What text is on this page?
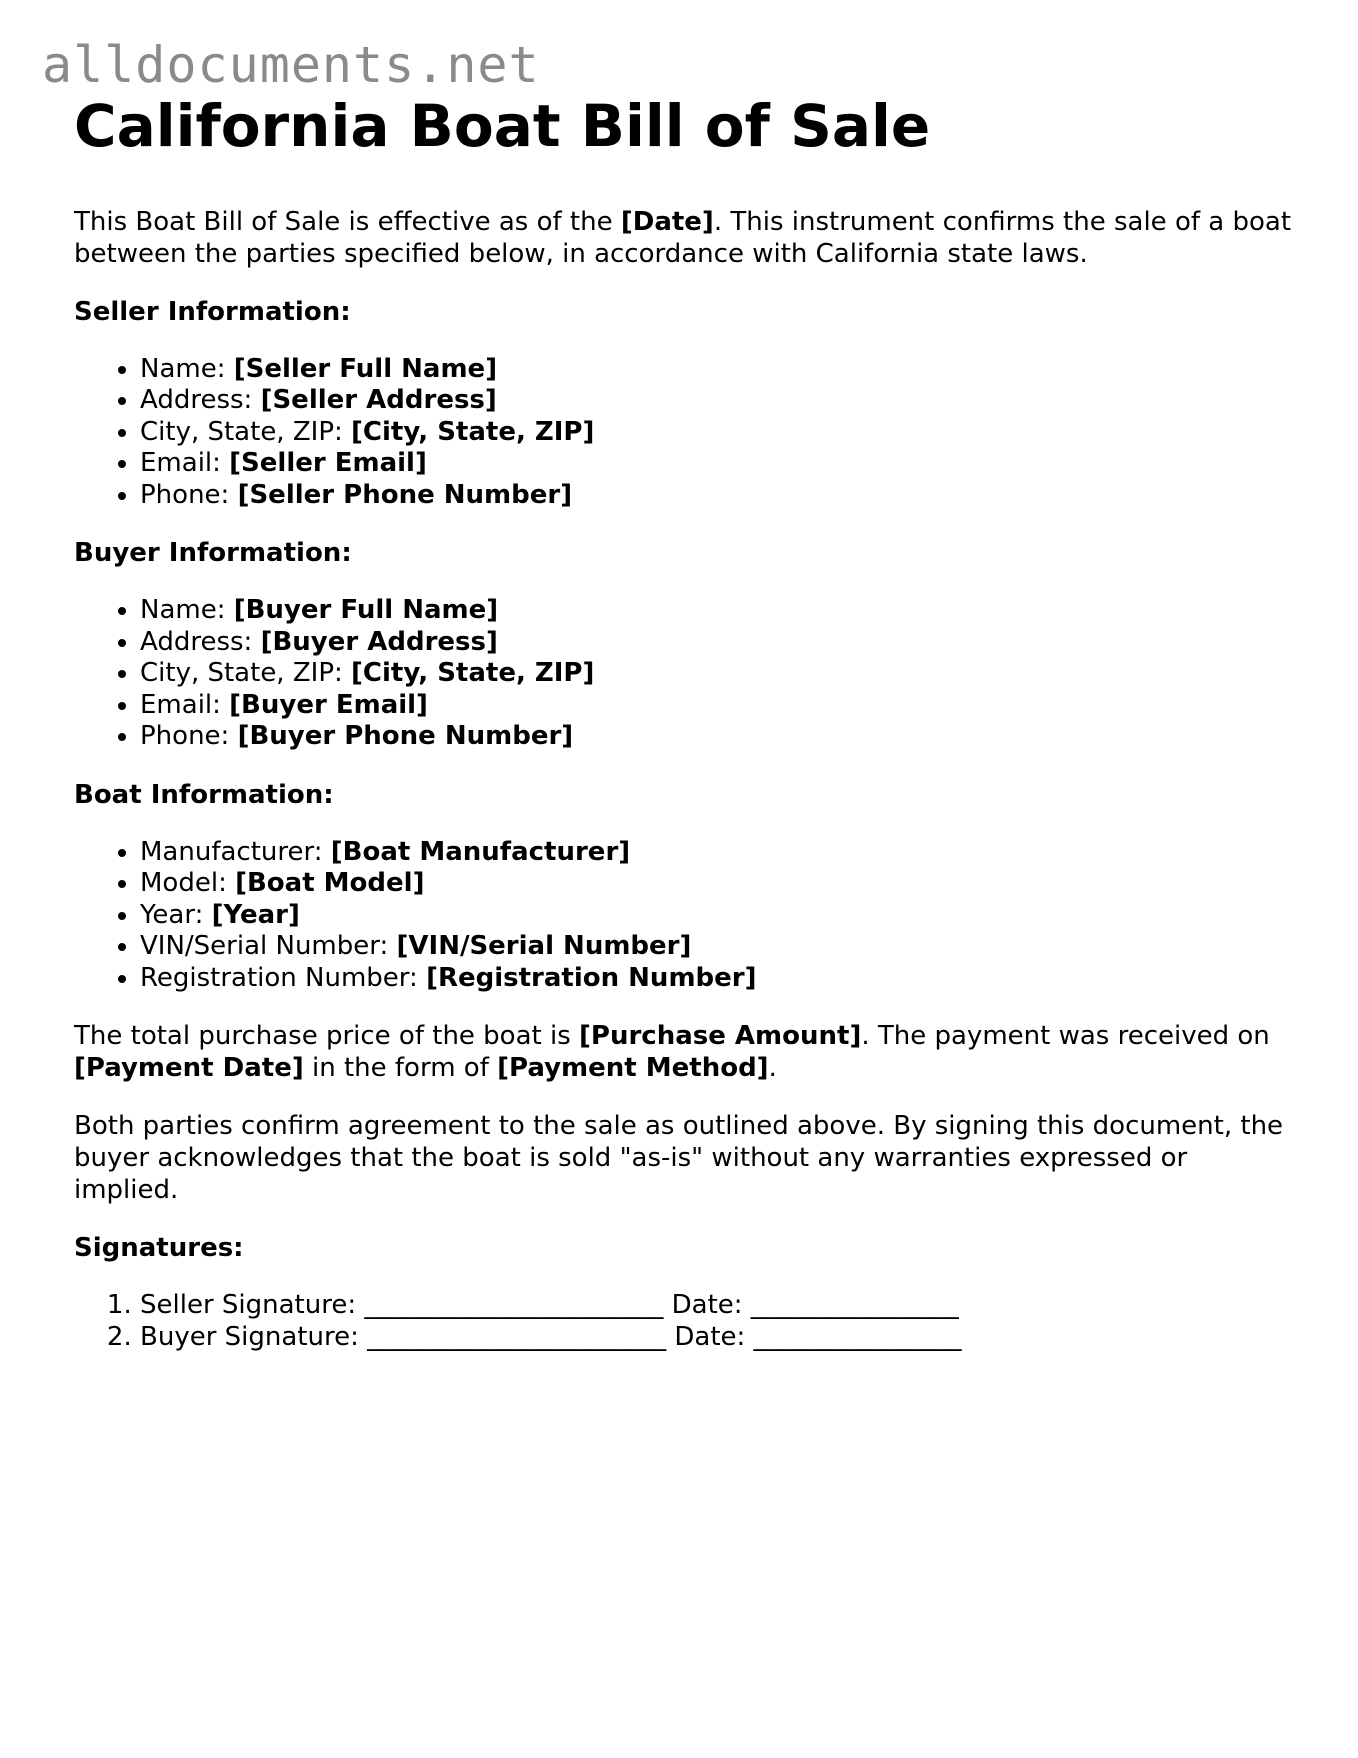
alldocuments.net
California Boat Bill of Sale

This Boat Bill of Sale is effective as of the [Date]. This instrument confirms the sale of a boat between the parties specified below, in accordance with California state laws.

Seller Information:
• Name: [Seller Full Name]
• Address: [Seller Address]
• City, State, ZIP: [City, State, ZIP]
• Email: [Seller Email]
• Phone: [Seller Phone Number]
Buyer Information:
• Name: [Buyer Full Name]
• Address: [Buyer Address]
• City, State, ZIP: [City, State, ZIP]
• Email: [Buyer Email]
• Phone: [Buyer Phone Number]
Boat Information:
• Manufacturer: [Boat Manufacturer]
• Model: [Boat Model]
• Year: [Year]
• VIN/Serial Number: [VIN/Serial Number]
• Registration Number: [Registration Number]

The total purchase price of the boat is [Purchase Amount]. The payment was received on [Payment Date] in the form of [Payment Method].

Both parties confirm agreement to the sale as outlined above. By signing this document, the buyer acknowledges that the boat is sold "as-is" without any warranties expressed or implied.

Signatures:
1. Seller Signature: _______________________ Date: ________________
2. Buyer Signature: _______________________ Date: ________________
